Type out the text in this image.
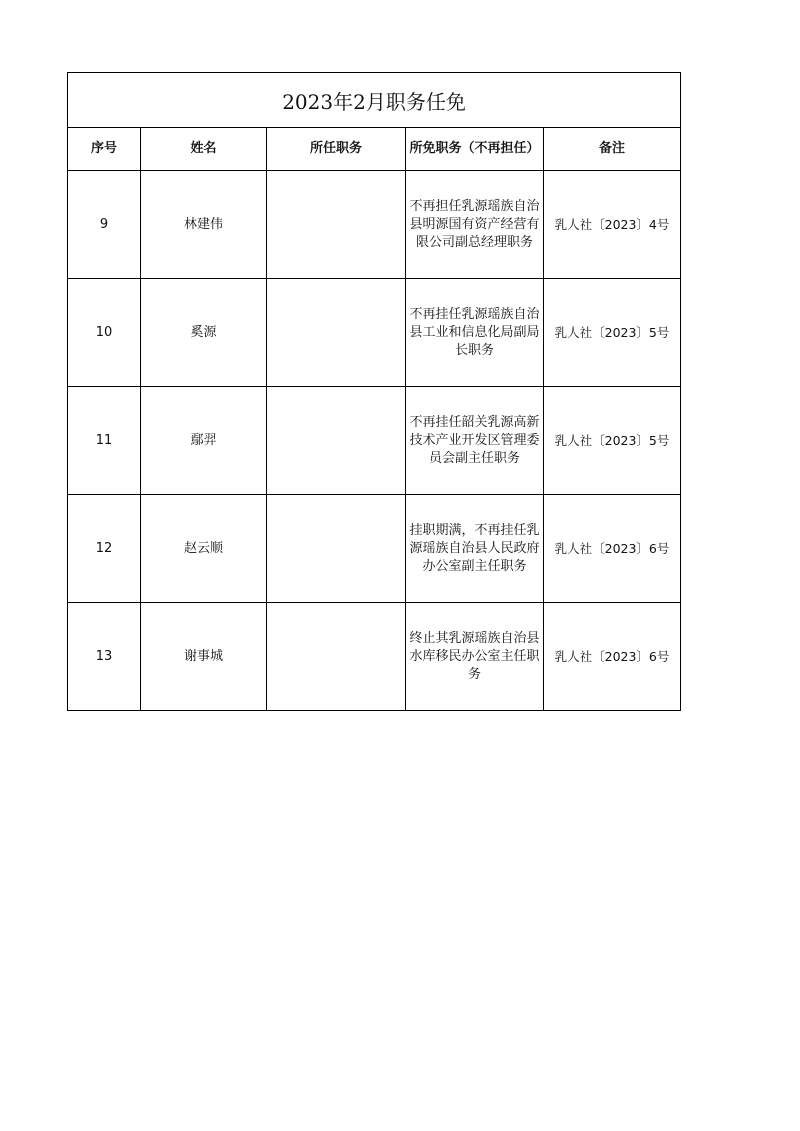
2023年2月职务任免				
序号	姓名	所任职务	所免职务（不再担任）	备注
9	林建伟		不再担任乳源瑶族自治县明源国有资产经营有限公司副总经理职务	乳人社〔2023〕4号
10	奚源		不再挂任乳源瑶族自治县工业和信息化局副局长职务	乳人社〔2023〕5号
11	鄢羿		不再挂任韶关乳源高新技术产业开发区管理委员会副主任职务	乳人社〔2023〕5号
12	赵云顺		挂职期满，不再挂任乳源瑶族自治县人民政府办公室副主任职务	乳人社〔2023〕6号
13	谢事城		终止其乳源瑶族自治县水库移民办公室主任职务	乳人社〔2023〕6号
